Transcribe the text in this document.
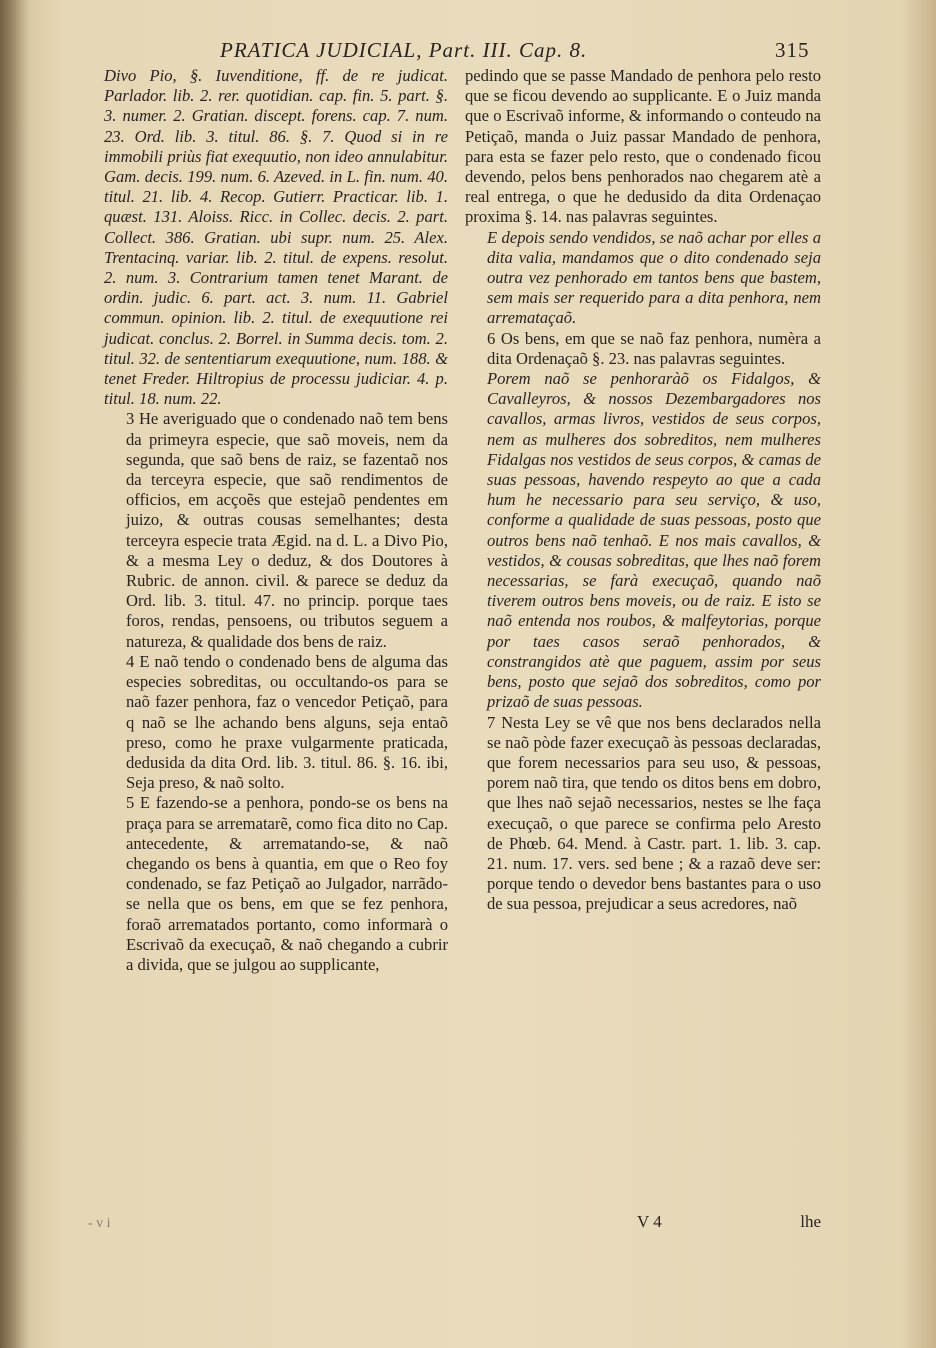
PRATICA JUDICIAL, Part. III. Cap. 8.	315

Divo Pio, §. Iuvenditione, ff. de re judicat. Parlador. lib. 2. rer. quotidian. cap. fin. 5. part. §. 3. numer. 2. Gratian. discept. forens. cap. 7. num. 23. Ord. lib. 3. titul. 86. §. 7. Quod si in re immobili priùs fiat exequutio, non ideo annulabitur. Gam. decis. 199. num. 6. Azeved. in L. fin. num. 40. titul. 21. lib. 4. Recop. Gutierr. Practicar. lib. 1. quæst. 131. Aloiss. Ricc. in Collec. decis. 2. part. Collect. 386. Gratian. ubi supr. num. 25. Alex. Trentacinq. variar. lib. 2. titul. de expens. resolut. 2. num. 3. Contrarium tamen tenet Marant. de ordin. judic. 6. part. act. 3. num. 11. Gabriel commun. opinion. lib. 2. titul. de exequutione rei judicat. conclus. 2. Borrel. in Summa decis. tom. 2. titul. 32. de sententiarum exequutione, num. 188. & tenet Freder. Hiltropius de processu judiciar. 4. p. titul. 18. num. 22.

3 He averiguado que o condenado naõ tem bens da primeyra especie, que saõ moveis, nem da segunda, que saõ bens de raiz, se fazentaõ nos da terceyra especie, que saõ rendimentos de officios, em acçoẽs que estejaõ pendentes em juizo, & outras cousas semelhantes; desta terceyra especie trata Ægid. na d. L. a Divo Pio, & a mesma Ley o deduz, & dos Doutores à Rubric. de annon. civil. & parece se deduz da Ord. lib. 3. titul. 47. no princip. porque taes foros, rendas, pensoens, ou tributos seguem a natureza, & qualidade dos bens de raiz.

4 E naõ tendo o condenado bens de alguma das especies sobreditas, ou occultando-os para se naõ fazer penhora, faz o vencedor Petiçaõ, para q naõ se lhe achando bens alguns, seja entaõ preso, como he praxe vulgarmente praticada, dedusida da dita Ord. lib. 3. titul. 86. §. 16. ibi, Seja preso, & naõ solto.

5 E fazendo-se a penhora, pondo-se os bens na praça para se arrematarẽ, como fica dito no Cap. antecedente, & arrematando-se, & naõ chegando os bens à quantia, em que o Reo foy condenado, se faz Petiçaõ ao Julgador, narrãdo-se nella que os bens, em que se fez penhora, foraõ arrematados portanto, como informarà o Escrivaõ da execuçaõ, & naõ chegando a cubrir a divida, que se julgou ao supplicante,

pedindo que se passe Mandado de penhora pelo resto que se ficou devendo ao supplicante. E o Juiz manda que o Escrivaõ informe, & informando o conteudo na Petiçaõ, manda o Juiz passar Mandado de penhora, para esta se fazer pelo resto, que o condenado ficou devendo, pelos bens penhorados nao chegarem atè a real entrega, o que he dedusido da dita Ordenaçao proxima §. 14. nas palavras seguintes.

E depois sendo vendidos, se naõ achar por elles a dita valia, mandamos que o dito condenado seja outra vez penhorado em tantos bens que bastem, sem mais ser requerido para a dita penhora, nem arremataçaõ.

6 Os bens, em que se naõ faz penhora, numèra a dita Ordenaçaõ §. 23. nas palavras seguintes.

Porem naõ se penhoraràõ os Fidalgos, & Cavalleyros, & nossos Dezembargadores nos cavallos, armas livros, vestidos de seus corpos, nem as mulheres dos sobreditos, nem mulheres Fidalgas nos vestidos de seus corpos, & camas de suas pessoas, havendo respeyto ao que a cada hum he necessario para seu serviço, & uso, conforme a qualidade de suas pessoas, posto que outros bens naõ tenhaõ. E nos mais cavallos, & vestidos, & cousas sobreditas, que lhes naõ forem necessarias, se farà execuçaõ, quando naõ tiverem outros bens moveis, ou de raiz. E isto se naõ entenda nos roubos, & malfeytorias, porque por taes casos seraõ penhorados, & constrangidos atè que paguem, assim por seus bens, posto que sejaõ dos sobreditos, como por prizaõ de suas pessoas.

7 Nesta Ley se vê que nos bens declarados nella se naõ pòde fazer execuçaõ às pessoas declaradas, que forem necessarios para seu uso, & pessoas, porem naõ tira, que tendo os ditos bens em dobro, que lhes naõ sejaõ necessarios, nestes se lhe faça execuçaõ, o que parece se confirma pelo Aresto de Phœb. 64. Mend. à Castr. part. 1. lib. 3. cap. 21. num. 17. vers. sed bene ; & a razaõ deve ser: porque tendo o devedor bens bastantes para o uso de sua pessoa, prejudicar a seus acredores, naõ

V 4	lhe
- v i
